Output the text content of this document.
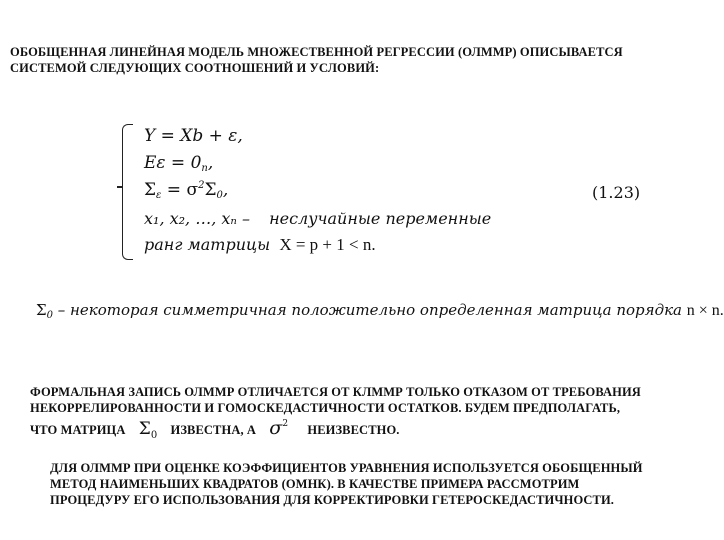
ОБОБЩЕННАЯ ЛИНЕЙНАЯ МОДЕЛЬ МНОЖЕСТВЕННОЙ РЕГРЕССИИ (ОЛММР) ОПИСЫВАЕТСЯ
СИСТЕМОЙ СЛЕДУЮЩИХ СООТНОШЕНИЙ И УСЛОВИЙ:
Y = Xb + ε,
$E\varepsilon = 0_n$,
$\Sigma_\varepsilon = \sigma^2\Sigma_0$,
x₁, x₂, …, xₙ – неслучайные переменные
ранг матрицы X = p + 1 < n.
(1.23)
$\Sigma_0$ – некоторая симметричная положительно определенная матрица порядка n × n.
ФОРМАЛЬНАЯ ЗАПИСЬ ОЛММР ОТЛИЧАЕТСЯ ОТ КЛММР ТОЛЬКО ОТКАЗОМ ОТ ТРЕБОВАНИЯ
НЕКОРРЕЛИРОВАННОСТИ И ГОМОСКЕДАСТИЧНОСТИ ОСТАТКОВ. БУДЕМ ПРЕДПОЛАГАТЬ,
ЧТО МАТРИЦА $\Sigma_0$ ИЗВЕСТНА, А $\sigma^2$ НЕИЗВЕСТНО.
ДЛЯ ОЛММР ПРИ ОЦЕНКЕ КОЭФФИЦИЕНТОВ УРАВНЕНИЯ ИСПОЛЬЗУЕТСЯ ОБОБЩЕННЫЙ
МЕТОД НАИМЕНЬШИХ КВАДРАТОВ (ОМНК). В КАЧЕСТВЕ ПРИМЕРА РАССМОТРИМ
ПРОЦЕДУРУ ЕГО ИСПОЛЬЗОВАНИЯ ДЛЯ КОРРЕКТИРОВКИ ГЕТЕРОСКЕДАСТИЧНОСТИ.
